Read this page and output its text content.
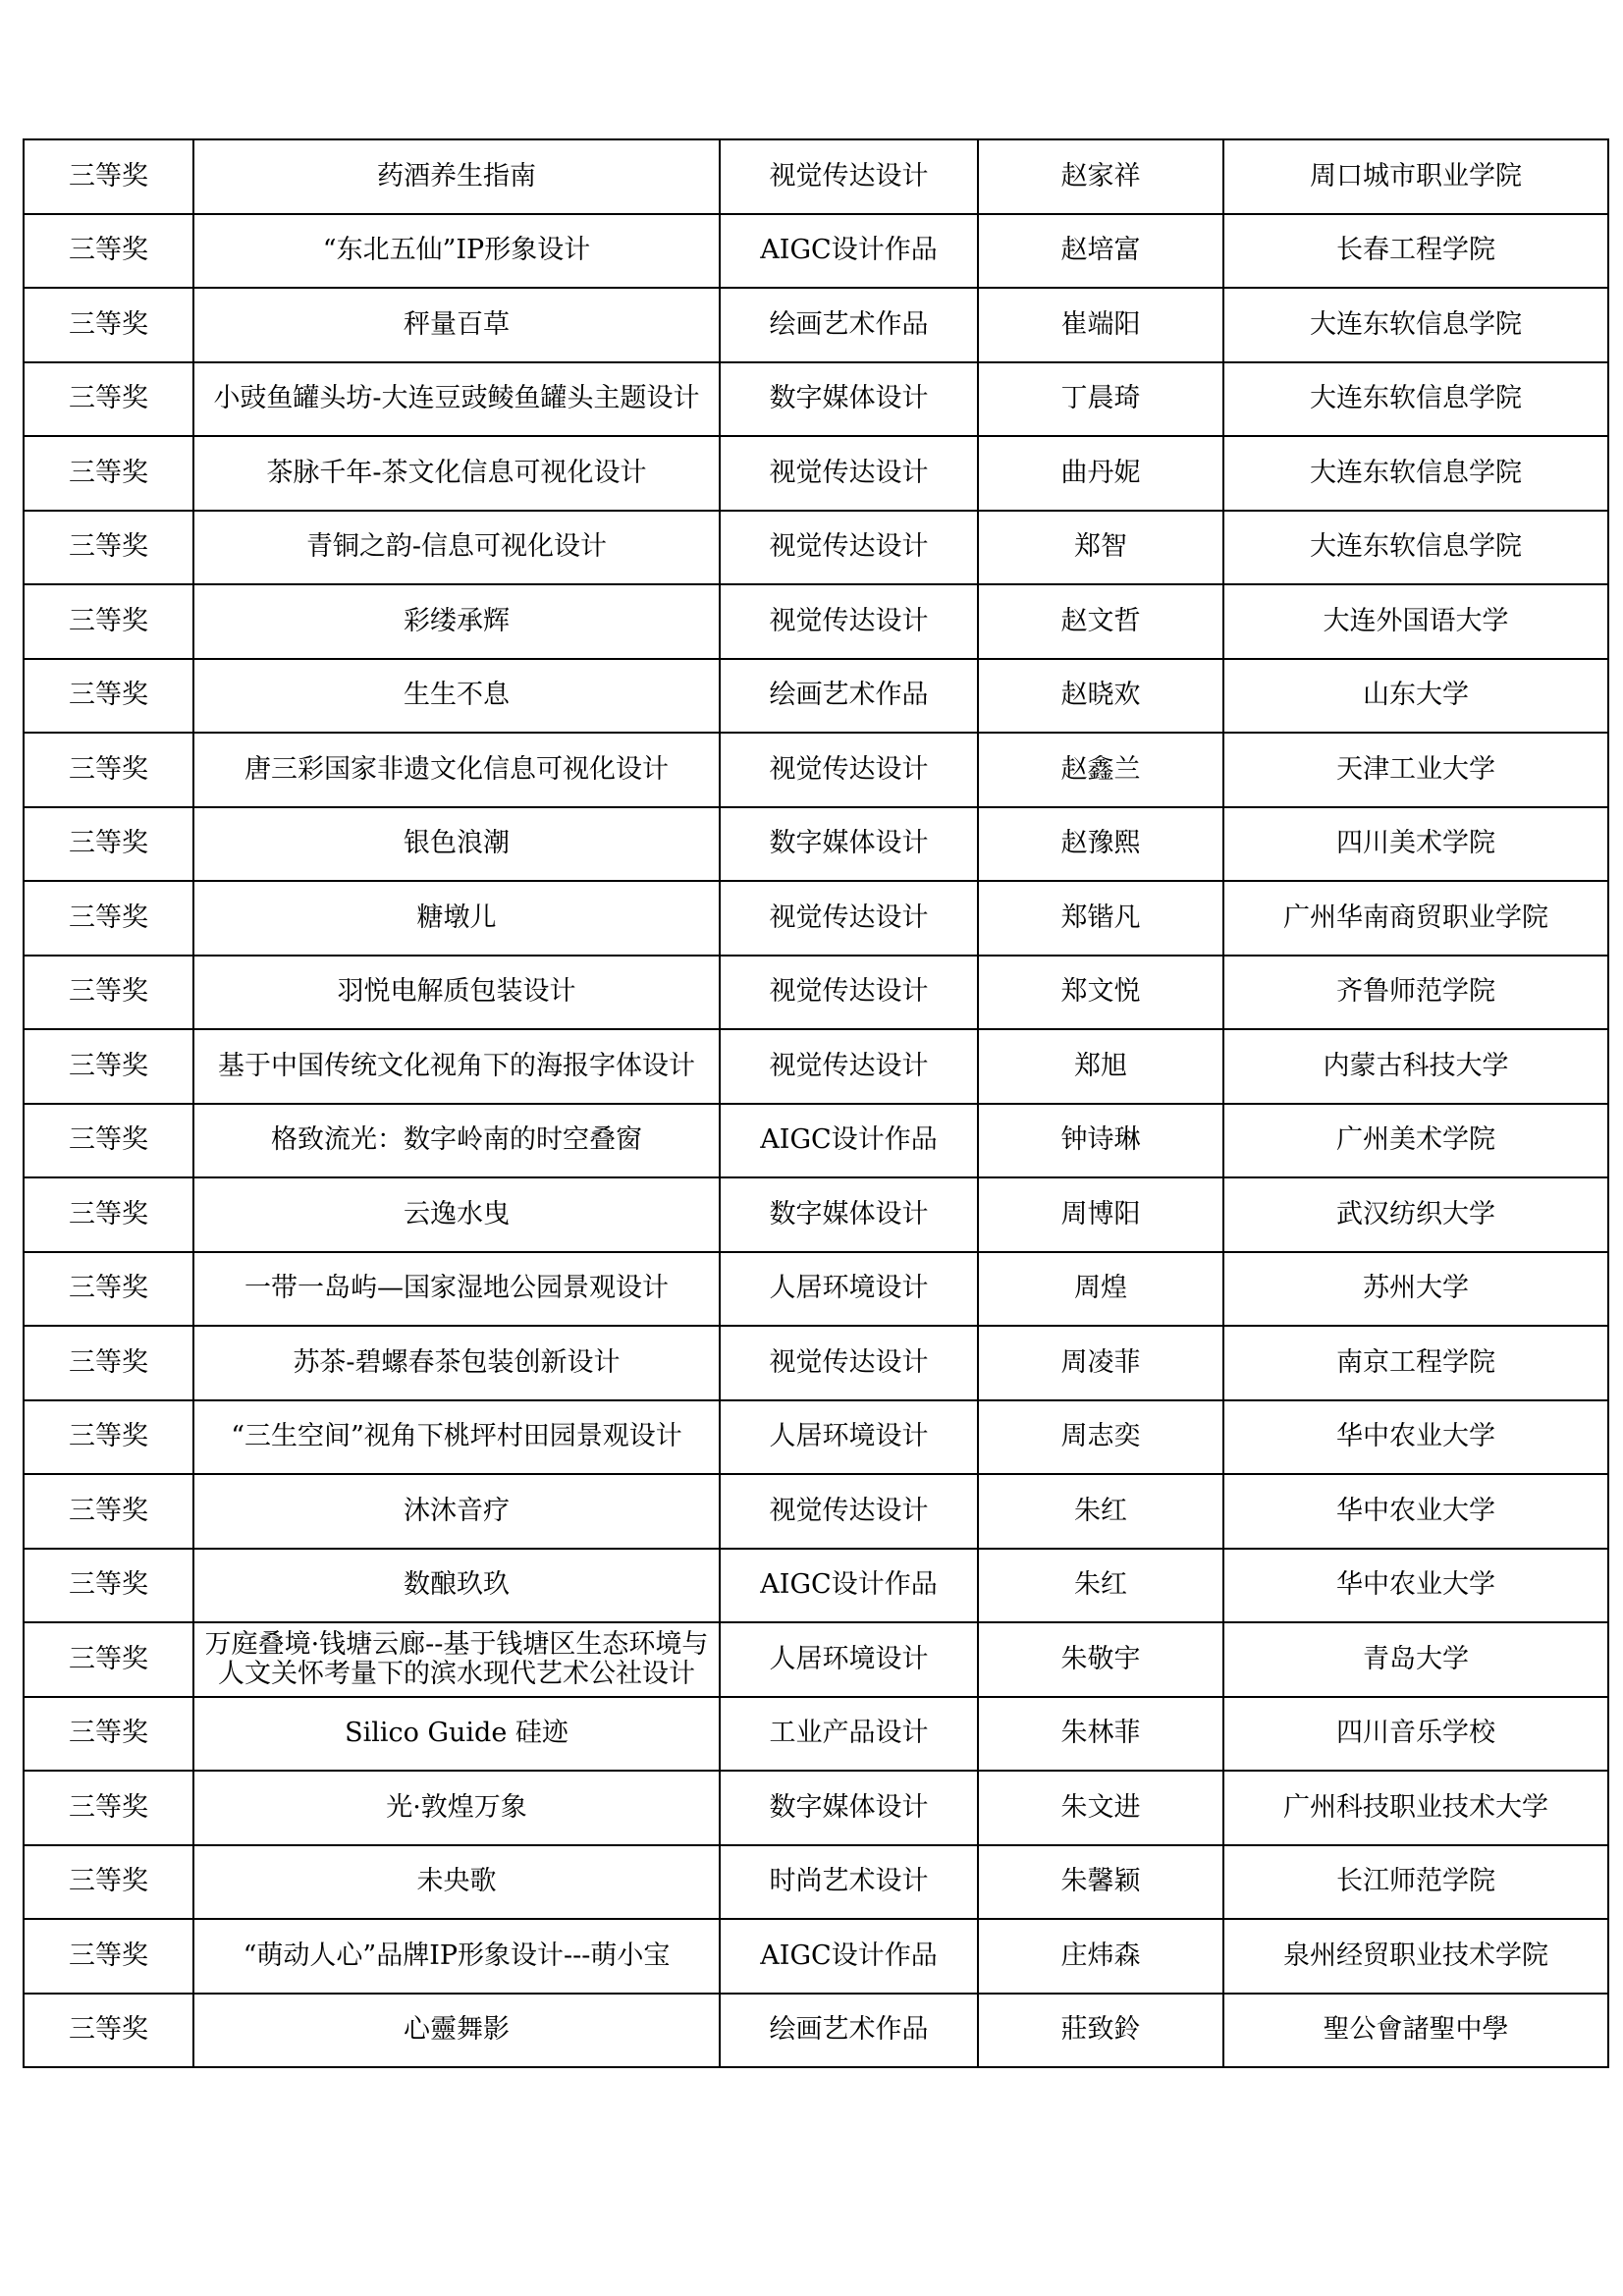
三等奖	药酒养生指南	视觉传达设计	赵家祥	周口城市职业学院

三等奖	“东北五仙”IP形象设计	AIGC设计作品	赵培富	长春工程学院

三等奖	秤量百草	绘画艺术作品	崔端阳	大连东软信息学院

三等奖	小豉鱼罐头坊-大连豆豉鲮鱼罐头主题设计	数字媒体设计	丁晨琦	大连东软信息学院

三等奖	茶脉千年-茶文化信息可视化设计	视觉传达设计	曲丹妮	大连东软信息学院

三等奖	青铜之韵-信息可视化设计	视觉传达设计	郑智	大连东软信息学院

三等奖	彩缕承辉	视觉传达设计	赵文哲	大连外国语大学

三等奖	生生不息	绘画艺术作品	赵晓欢	山东大学

三等奖	唐三彩国家非遗文化信息可视化设计	视觉传达设计	赵鑫兰	天津工业大学

三等奖	银色浪潮	数字媒体设计	赵豫熙	四川美术学院

三等奖	糖墩儿	视觉传达设计	郑锴凡	广州华南商贸职业学院

三等奖	羽悦电解质包装设计	视觉传达设计	郑文悦	齐鲁师范学院

三等奖	基于中国传统文化视角下的海报字体设计	视觉传达设计	郑旭	内蒙古科技大学

三等奖	格致流光：数字岭南的时空叠窗	AIGC设计作品	钟诗琳	广州美术学院

三等奖	云逸水曳	数字媒体设计	周博阳	武汉纺织大学

三等奖	一带一岛屿—国家湿地公园景观设计	人居环境设计	周煌	苏州大学

三等奖	苏茶-碧螺春茶包装创新设计	视觉传达设计	周凌菲	南京工程学院

三等奖	“三生空间”视角下桃坪村田园景观设计	人居环境设计	周志奕	华中农业大学

三等奖	沐沐音疗	视觉传达设计	朱红	华中农业大学

三等奖	数酿玖玖	AIGC设计作品	朱红	华中农业大学

三等奖	万庭叠境·钱塘云廊--基于钱塘区生态环境与人文关怀考量下的滨水现代艺术公社设计	人居环境设计	朱敬宇	青岛大学

三等奖	Silico Guide 硅迹	工业产品设计	朱林菲	四川音乐学校

三等奖	光·敦煌万象	数字媒体设计	朱文进	广州科技职业技术大学

三等奖	未央歌	时尚艺术设计	朱馨颖	长江师范学院

三等奖	“萌动人心”品牌IP形象设计---萌小宝	AIGC设计作品	庄炜森	泉州经贸职业技术学院

三等奖	心靈舞影	绘画艺术作品	莊致鈴	聖公會諸聖中學
